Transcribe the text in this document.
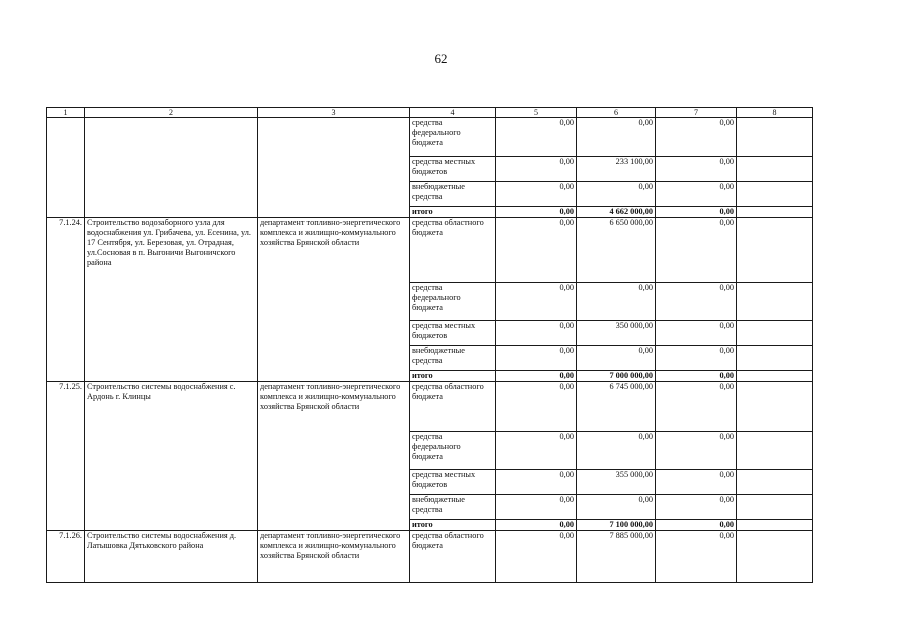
62
1	2	3	4	5	6	7	8
			средства федерального бюджета	0,00	0,00	0,00	
			средства местных бюджетов	0,00	233 100,00	0,00	
			внебюджетные средства	0,00	0,00	0,00	
			итого	0,00	4 662 000,00	0,00	
7.1.24.	Строительство водозаборного узла для водоснабжения ул. Грибачева, ул. Есенина, ул. 17 Сентября, ул. Березовая, ул. Отрадная, ул.Сосновая в п. Выгоничи Выгоничского района	департамент топливно-энергетического комплекса и жилищно-коммунального хозяйства Брянской области	средства областного бюджета	0,00	6 650 000,00	0,00	
			средства федерального бюджета	0,00	0,00	0,00	
			средства местных бюджетов	0,00	350 000,00	0,00	
			внебюджетные средства	0,00	0,00	0,00	
			итого	0,00	7 000 000,00	0,00	
7.1.25.	Строительство системы водоснабжения с. Ардонь г. Клинцы	департамент топливно-энергетического комплекса и жилищно-коммунального хозяйства Брянской области	средства областного бюджета	0,00	6 745 000,00	0,00	
			средства федерального бюджета	0,00	0,00	0,00	
			средства местных бюджетов	0,00	355 000,00	0,00	
			внебюджетные средства	0,00	0,00	0,00	
			итого	0,00	7 100 000,00	0,00	
7.1.26.	Строительство системы водоснабжения д. Латышовка Дятьковского района	департамент топливно-энергетического комплекса и жилищно-коммунального хозяйства Брянской области	средства областного бюджета	0,00	7 885 000,00	0,00	
